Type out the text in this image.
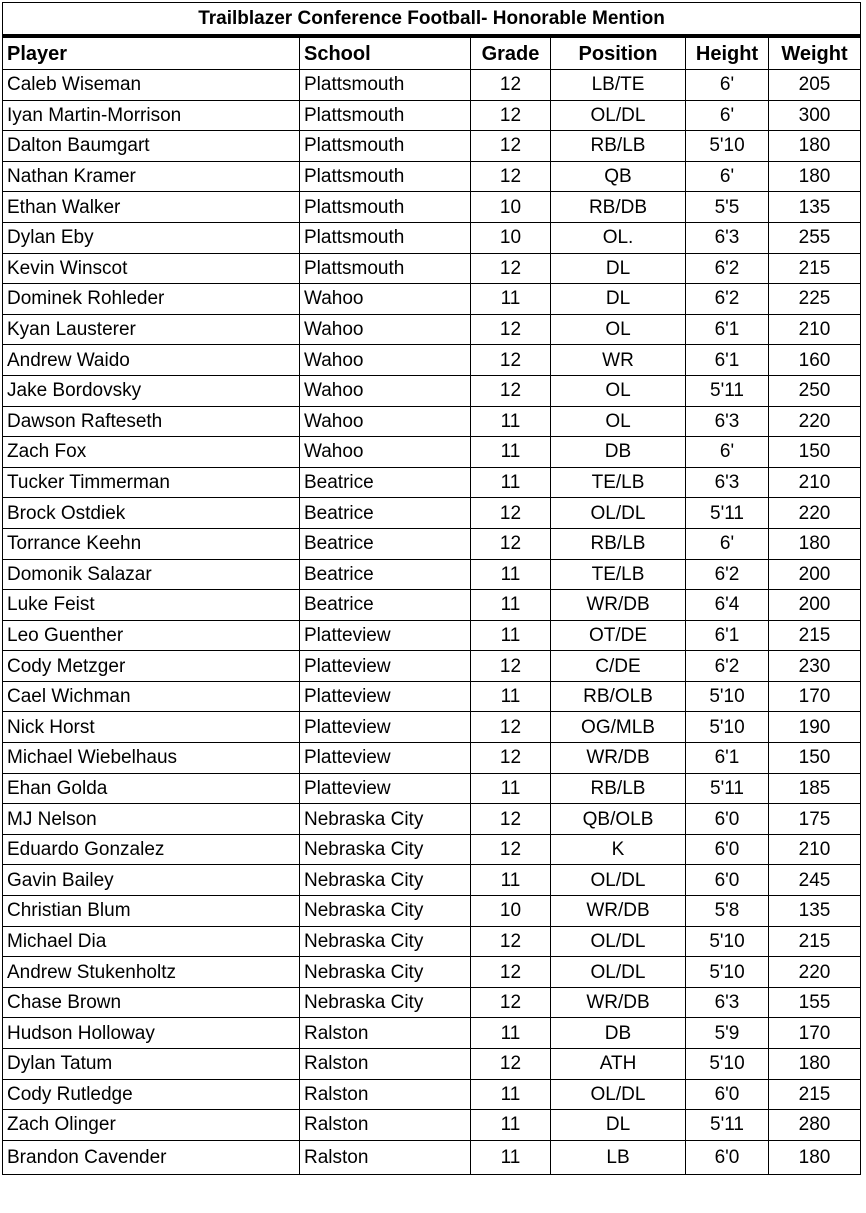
Trailblazer Conference Football- Honorable Mention					
Player	School	Grade	Position	Height	Weight
Caleb Wiseman	Plattsmouth	12	LB/TE	6'	205
Iyan Martin-Morrison	Plattsmouth	12	OL/DL	6'	300
Dalton Baumgart	Plattsmouth	12	RB/LB	5'10	180
Nathan Kramer	Plattsmouth	12	QB	6'	180
Ethan Walker	Plattsmouth	10	RB/DB	5'5	135
Dylan Eby	Plattsmouth	10	OL.	6'3	255
Kevin Winscot	Plattsmouth	12	DL	6'2	215
Dominek Rohleder	Wahoo	11	DL	6'2	225
Kyan Lausterer	Wahoo	12	OL	6'1	210
Andrew Waido	Wahoo	12	WR	6'1	160
Jake Bordovsky	Wahoo	12	OL	5'11	250
Dawson Rafteseth	Wahoo	11	OL	6'3	220
Zach Fox	Wahoo	11	DB	6'	150
Tucker Timmerman	Beatrice	11	TE/LB	6'3	210
Brock Ostdiek	Beatrice	12	OL/DL	5'11	220
Torrance Keehn	Beatrice	12	RB/LB	6'	180
Domonik Salazar	Beatrice	11	TE/LB	6'2	200
Luke Feist	Beatrice	11	WR/DB	6'4	200
Leo Guenther	Platteview	11	OT/DE	6'1	215
Cody Metzger	Platteview	12	C/DE	6'2	230
Cael Wichman	Platteview	11	RB/OLB	5'10	170
Nick Horst	Platteview	12	OG/MLB	5'10	190
Michael Wiebelhaus	Platteview	12	WR/DB	6'1	150
Ehan Golda	Platteview	11	RB/LB	5'11	185
MJ Nelson	Nebraska City	12	QB/OLB	6'0	175
Eduardo Gonzalez	Nebraska City	12	K	6'0	210
Gavin Bailey	Nebraska City	11	OL/DL	6'0	245
Christian Blum	Nebraska City	10	WR/DB	5'8	135
Michael Dia	Nebraska City	12	OL/DL	5'10	215
Andrew Stukenholtz	Nebraska City	12	OL/DL	5'10	220
Chase Brown	Nebraska City	12	WR/DB	6'3	155
Hudson Holloway	Ralston	11	DB	5'9	170
Dylan Tatum	Ralston	12	ATH	5'10	180
Cody Rutledge	Ralston	11	OL/DL	6'0	215
Zach Olinger	Ralston	11	DL	5'11	280
Brandon Cavender	Ralston	11	LB	6'0	180
